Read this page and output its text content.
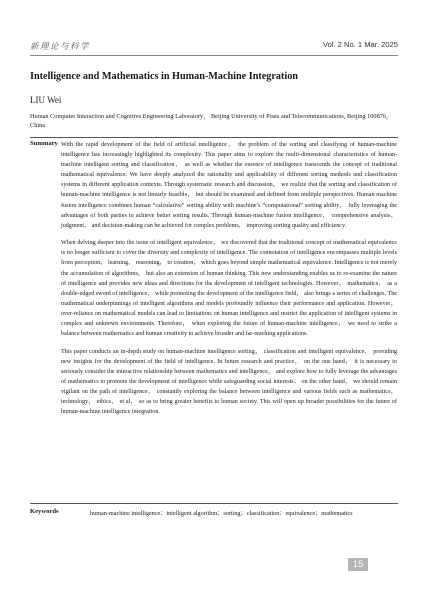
新理论与科学	Vol. 2 No. 1 Mar. 2025
Intelligence and Mathematics in Human-Machine Integration
LIU Wei
Human Computer Interaction and Cognitive Engineering Laboratory， Beijing University of Posts and Telecommunications, Beijing 100876，China
Summary With the rapid development of the field of artificial intelligence， the problem of the sorting and classifying of human-machine intelligence has increasingly highlighted its complexity. This paper aims to explore the multi-dimensional characteristics of human-machine intelligent sorting and classification， as well as whether the essence of intelligence transcends the concept of traditional mathematical equivalence. We have deeply analyzed the rationality and applicability of different sorting methods and classification systems in different application contexts. Through systematic research and discussion， we realize that the sorting and classification of human-machine intelligence is not linearly feasible， but should be examined and defined from multiple perspectives. Human machine fusion intelligence combines human “calculative” sorting ability with machine’s “computational” sorting ability， fully leveraging the advantages of both parties to achieve better sorting results. Through human-machine fusion intelligence， comprehensive analysis， judgment， and decision-making can be achieved for complex problems， improving sorting quality and efficiency.

When delving deeper into the issue of intelligent equivalence， we discovered that the traditional concept of mathematical equivalence is no longer sufficient to cover the diversity and complexity of intelligence. The connotation of intelligence encompasses multiple levels from perception， learning， reasoning， to creation， which goes beyond simple mathematical equivalence. Intelligence is not merely the accumulation of algorithms， but also an extension of human thinking. This new understanding enables us to re-examine the nature of intelligence and provides new ideas and directions for the development of intelligent technologies. However， mathematics， as a double-edged sword of intelligence， while promoting the development of the intelligence field， also brings a series of challenges. The mathematical underpinnings of intelligent algorithms and models profoundly influence their performance and application. However， over-reliance on mathematical models can lead to limitations on human intelligence and restrict the application of intelligent systems in complex and unknown environments. Therefore， when exploring the future of human-machine intelligence， we need to strike a balance between mathematics and human creativity to achieve broader and far-reaching applications.

This paper conducts an in-depth study on human-machine intelligence sorting， classification and intelligent equivalence， providing new insights for the development of the field of intelligence. In future research and practice， on the one hand， it is necessary to seriously consider the interactive relationship between mathematics and intelligence， and explore how to fully leverage the advantages of mathematics to promote the development of intelligence while safeguarding social interests； on the other hand， we should remain vigilant on the path of intelligence， constantly exploring the balance between intelligence and various fields such as mathematics， technology， ethics， et al， so as to bring greater benefits to human society. This will open up broader possibilities for the future of human-machine intelligence integration.

Keywords	human-machine intelligence；intelligent algorithm；sorting；classification；equivalence；mathematics
15
